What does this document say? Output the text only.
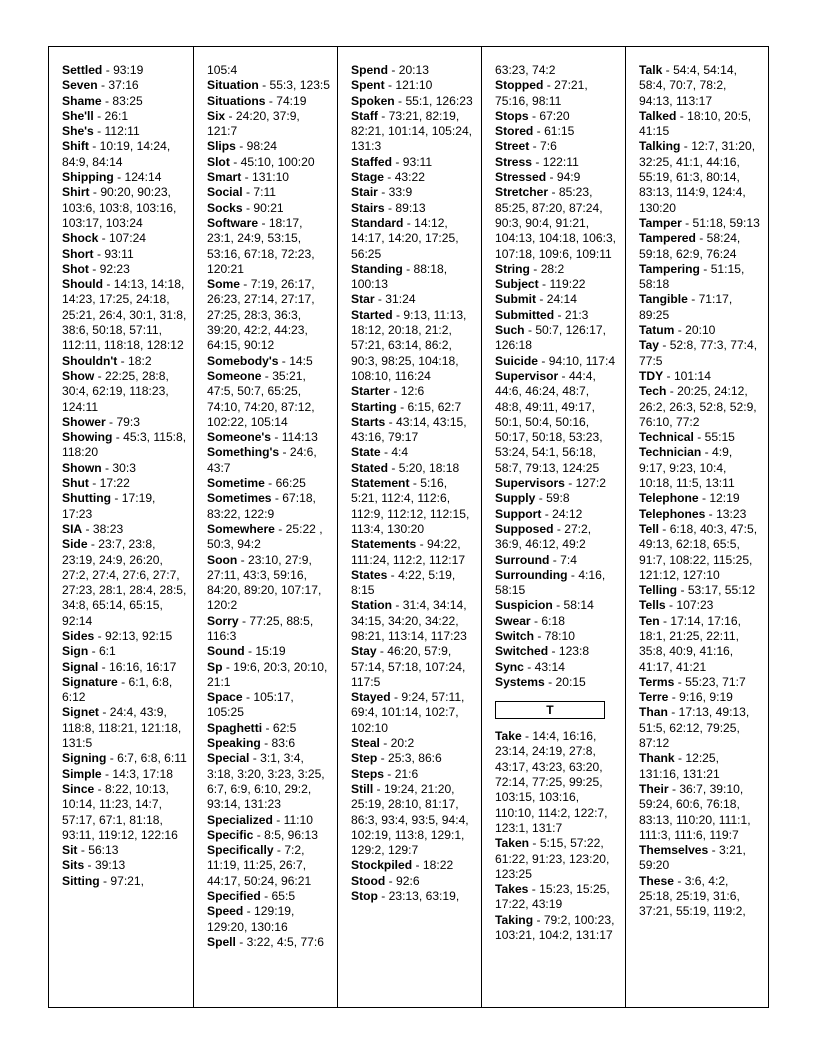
Settled - 93:19

Seven - 37:16

Shame - 83:25

She'll - 26:1

She's - 112:11

Shift - 10:19, 14:24, 84:9, 84:14

Shipping - 124:14

Shirt - 90:20, 90:23, 103:6, 103:8, 103:16, 103:17, 103:24

Shock - 107:24

Short - 93:11

Shot - 92:23

Should - 14:13, 14:18, 14:23, 17:25, 24:18, 25:21, 26:4, 30:1, 31:8, 38:6, 50:18, 57:11, 112:11, 118:18, 128:12

Shouldn't - 18:2

Show - 22:25, 28:8, 30:4, 62:19, 118:23, 124:11

Shower - 79:3

Showing - 45:3, 115:8, 118:20

Shown - 30:3

Shut - 17:22

Shutting - 17:19, 17:23

SIA - 38:23

Side - 23:7, 23:8, 23:19, 24:9, 26:20, 27:2, 27:4, 27:6, 27:7, 27:23, 28:1, 28:4, 28:5, 34:8, 65:14, 65:15, 92:14

Sides - 92:13, 92:15

Sign - 6:1

Signal - 16:16, 16:17

Signature - 6:1, 6:8, 6:12

Signet - 24:4, 43:9, 118:8, 118:21, 121:18, 131:5

Signing - 6:7, 6:8, 6:11

Simple - 14:3, 17:18

Since - 8:22, 10:13, 10:14, 11:23, 14:7, 57:17, 67:1, 81:18, 93:11, 119:12, 122:16

Sit - 56:13

Sits - 39:13

Sitting - 97:21,

105:4

Situation - 55:3, 123:5

Situations - 74:19

Six - 24:20, 37:9, 121:7

Slips - 98:24

Slot - 45:10, 100:20

Smart - 131:10

Social - 7:11

Socks - 90:21

Software - 18:17, 23:1, 24:9, 53:15, 53:16, 67:18, 72:23, 120:21

Some - 7:19, 26:17, 26:23, 27:14, 27:17, 27:25, 28:3, 36:3, 39:20, 42:2, 44:23, 64:15, 90:12

Somebody's - 14:5

Someone - 35:21, 47:5, 50:7, 65:25, 74:10, 74:20, 87:12, 102:22, 105:14

Someone's - 114:13

Something's - 24:6, 43:7

Sometime - 66:25

Sometimes - 67:18, 83:22, 122:9

Somewhere - 25:22 , 50:3, 94:2

Soon - 23:10, 27:9, 27:11, 43:3, 59:16, 84:20, 89:20, 107:17, 120:2

Sorry - 77:25, 88:5, 116:3

Sound - 15:19

Sp - 19:6, 20:3, 20:10, 21:1

Space - 105:17, 105:25

Spaghetti - 62:5

Speaking - 83:6

Special - 3:1, 3:4, 3:18, 3:20, 3:23, 3:25, 6:7, 6:9, 6:10, 29:2, 93:14, 131:23

Specialized - 11:10

Specific - 8:5, 96:13

Specifically - 7:2, 11:19, 11:25, 26:7, 44:17, 50:24, 96:21

Specified - 65:5

Speed - 129:19, 129:20, 130:16

Spell - 3:22, 4:5, 77:6

Spend - 20:13

Spent - 121:10

Spoken - 55:1, 126:23

Staff - 73:21, 82:19, 82:21, 101:14, 105:24, 131:3

Staffed - 93:11

Stage - 43:22

Stair - 33:9

Stairs - 89:13

Standard - 14:12, 14:17, 14:20, 17:25, 56:25

Standing - 88:18, 100:13

Star - 31:24

Started - 9:13, 11:13, 18:12, 20:18, 21:2, 57:21, 63:14, 86:2, 90:3, 98:25, 104:18, 108:10, 116:24

Starter - 12:6

Starting - 6:15, 62:7

Starts - 43:14, 43:15, 43:16, 79:17

State - 4:4

Stated - 5:20, 18:18

Statement - 5:16, 5:21, 112:4, 112:6, 112:9, 112:12, 112:15, 113:4, 130:20

Statements - 94:22, 111:24, 112:2, 112:17

States - 4:22, 5:19, 8:15

Station - 31:4, 34:14, 34:15, 34:20, 34:22, 98:21, 113:14, 117:23

Stay - 46:20, 57:9, 57:14, 57:18, 107:24, 117:5

Stayed - 9:24, 57:11, 69:4, 101:14, 102:7, 102:10

Steal - 20:2

Step - 25:3, 86:6

Steps - 21:6

Still - 19:24, 21:20, 25:19, 28:10, 81:17, 86:3, 93:4, 93:5, 94:4, 102:19, 113:8, 129:1, 129:2, 129:7

Stockpiled - 18:22

Stood - 92:6

Stop - 23:13, 63:19,

63:23, 74:2

Stopped - 27:21, 75:16, 98:11

Stops - 67:20

Stored - 61:15

Street - 7:6

Stress - 122:11

Stressed - 94:9

Stretcher - 85:23, 85:25, 87:20, 87:24, 90:3, 90:4, 91:21, 104:13, 104:18, 106:3, 107:18, 109:6, 109:11

String - 28:2

Subject - 119:22

Submit - 24:14

Submitted - 21:3

Such - 50:7, 126:17, 126:18

Suicide - 94:10, 117:4

Supervisor - 44:4, 44:6, 46:24, 48:7, 48:8, 49:11, 49:17, 50:1, 50:4, 50:16, 50:17, 50:18, 53:23, 53:24, 54:1, 56:18, 58:7, 79:13, 124:25

Supervisors - 127:2

Supply - 59:8

Support - 24:12

Supposed - 27:2, 36:9, 46:12, 49:2

Surround - 7:4

Surrounding - 4:16, 58:15

Suspicion - 58:14

Swear - 6:18

Switch - 78:10

Switched - 123:8

Sync - 43:14

Systems - 20:15

T

Take - 14:4, 16:16, 23:14, 24:19, 27:8, 43:17, 43:23, 63:20, 72:14, 77:25, 99:25, 103:15, 103:16, 110:10, 114:2, 122:7, 123:1, 131:7

Taken - 5:15, 57:22, 61:22, 91:23, 123:20, 123:25

Takes - 15:23, 15:25, 17:22, 43:19

Taking - 79:2, 100:23, 103:21, 104:2, 131:17

Talk - 54:4, 54:14, 58:4, 70:7, 78:2, 94:13, 113:17

Talked - 18:10, 20:5, 41:15

Talking - 12:7, 31:20, 32:25, 41:1, 44:16, 55:19, 61:3, 80:14, 83:13, 114:9, 124:4, 130:20

Tamper - 51:18, 59:13

Tampered - 58:24, 59:18, 62:9, 76:24

Tampering - 51:15, 58:18

Tangible - 71:17, 89:25

Tatum - 20:10

Tay - 52:8, 77:3, 77:4, 77:5

TDY - 101:14

Tech - 20:25, 24:12, 26:2, 26:3, 52:8, 52:9, 76:10, 77:2

Technical - 55:15

Technician - 4:9, 9:17, 9:23, 10:4, 10:18, 11:5, 13:11

Telephone - 12:19

Telephones - 13:23

Tell - 6:18, 40:3, 47:5, 49:13, 62:18, 65:5, 91:7, 108:22, 115:25, 121:12, 127:10

Telling - 53:17, 55:12

Tells - 107:23

Ten - 17:14, 17:16, 18:1, 21:25, 22:11, 35:8, 40:9, 41:16, 41:17, 41:21

Terms - 55:23, 71:7

Terre - 9:16, 9:19

Than - 17:13, 49:13, 51:5, 62:12, 79:25, 87:12

Thank - 12:25, 131:16, 131:21

Their - 36:7, 39:10, 59:24, 60:6, 76:18, 83:13, 110:20, 111:1, 111:3, 111:6, 119:7

Themselves - 3:21, 59:20

These - 3:6, 4:2, 25:18, 25:19, 31:6, 37:21, 55:19, 119:2,
